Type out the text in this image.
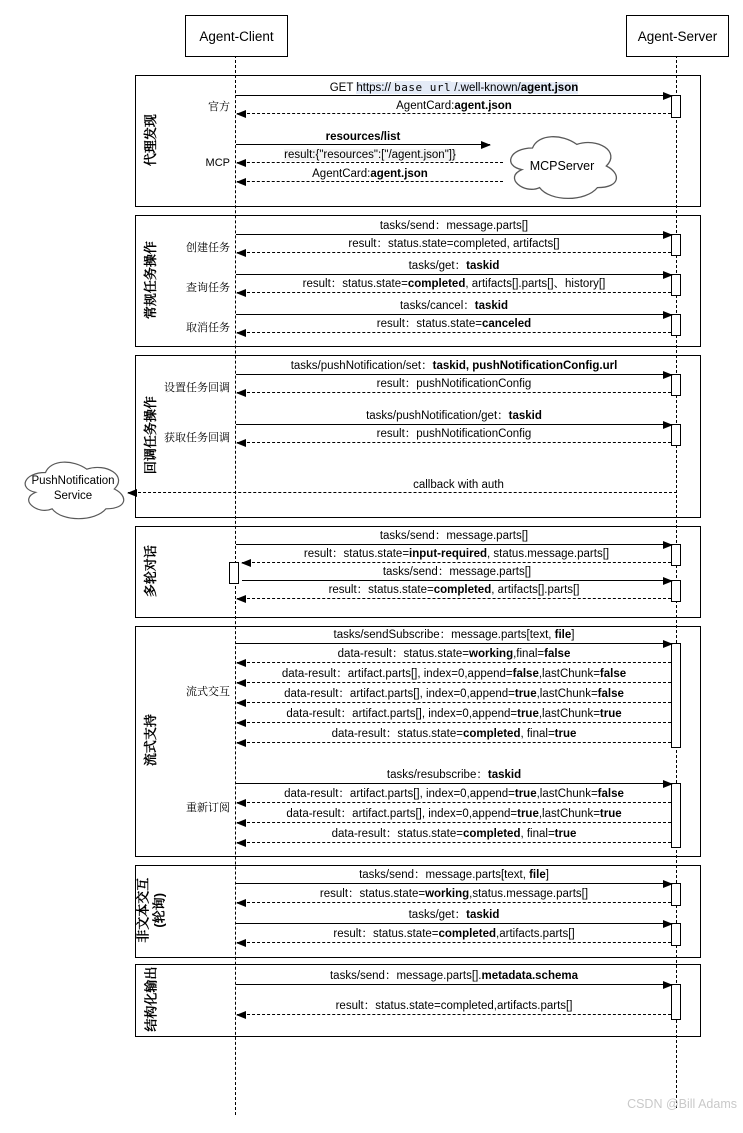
代理发现
常规任务操作
回调任务操作
多轮对话
流式支持
非文本交互 (轮询)
结构化输出
官方
MCP
创建任务
查询任务
取消任务
设置任务回调
获取任务回调
流式交互
重新订阅
MCPServer
PushNotification
Service
GET https:// base url /.well-known/agent.json
AgentCard:agent.json
resources/list
result:{"resources":["/agent.json"]}
AgentCard:agent.json
tasks/send：message.parts[]
result：status.state=completed, artifacts[]
tasks/get：taskid
result：status.state=completed, artifacts[].parts[]、history[]
tasks/cancel：taskid
result：status.state=canceled
tasks/pushNotification/set：taskid, pushNotificationConfig.url
result：pushNotificationConfig
tasks/pushNotification/get：taskid
result：pushNotificationConfig
callback with auth
tasks/send：message.parts[]
result：status.state=input-required, status.message.parts[]
tasks/send：message.parts[]
result：status.state=completed, artifacts[].parts[]
tasks/sendSubscribe：message.parts[text, file]
data-result：status.state=working,final=false
data-result：artifact.parts[], index=0,append=false,lastChunk=false
data-result：artifact.parts[], index=0,append=true,lastChunk=false
data-result：artifact.parts[], index=0,append=true,lastChunk=true
data-result：status.state=completed, final=true
tasks/resubscribe：taskid
data-result：artifact.parts[], index=0,append=true,lastChunk=false
data-result：artifact.parts[], index=0,append=true,lastChunk=true
data-result：status.state=completed, final=true
tasks/send：message.parts[text, file]
result：status.state=working,status.message.parts[]
tasks/get：taskid
result：status.state=completed,artifacts.parts[]
tasks/send：message.parts[].metadata.schema
result：status.state=completed,artifacts.parts[]
Agent-Client	Agent-Server
CSDN @Bill Adams
